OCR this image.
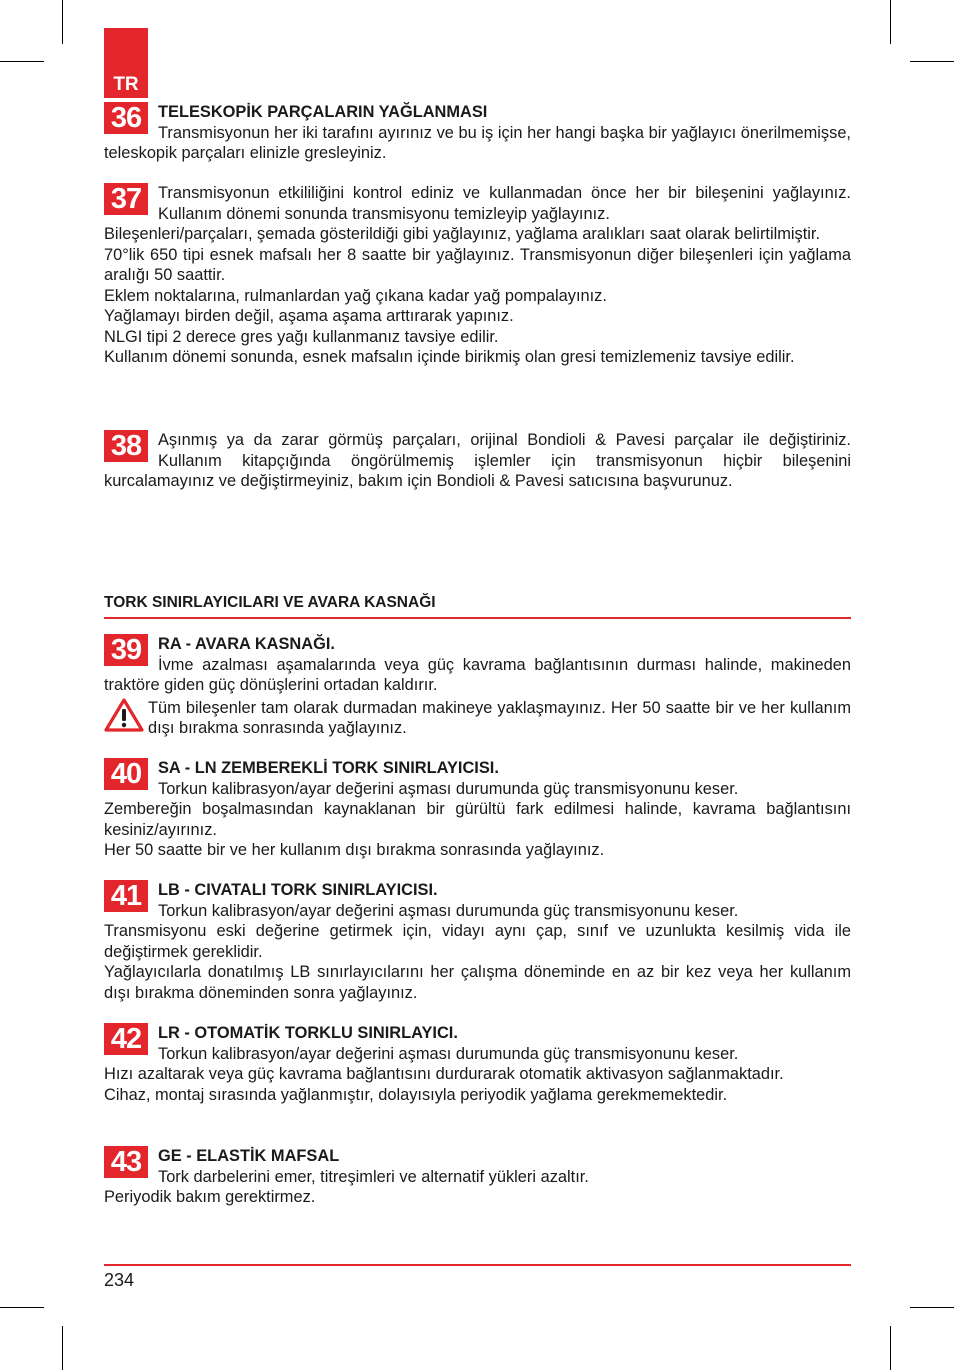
TR
36	TELESKOPİK PARÇALARIN YAĞLANMASI

Transmisyonun her iki tarafını ayırınız ve bu iş için her hangi başka bir yağlayıcı önerilmemişse, teleskopik parçaları elinizle gresleyiniz.

37	Transmisyonun etkililiğini kontrol ediniz ve kullanmadan önce her bir bileşenini yağlayınız. Kullanım dönemi sonunda transmisyonu temizleyip yağlayınız.

Bileşenleri/parçaları, şemada gösterildiği gibi yağlayınız, yağlama aralıkları saat olarak belirtilmiştir.

70°lik 650 tipi esnek mafsalı her 8 saatte bir yağlayınız. Transmisyonun diğer bileşenleri için yağlama aralığı 50 saattir.

Eklem noktalarına, rulmanlardan yağ çıkana kadar yağ pompalayınız.

Yağlamayı birden değil, aşama aşama arttırarak yapınız.

NLGI tipi 2 derece gres yağı kullanmanız tavsiye edilir.

Kullanım dönemi sonunda, esnek mafsalın içinde birikmiş olan gresi temizlemeniz tavsiye edilir.

38	Aşınmış ya da zarar görmüş parçaları, orijinal Bondioli & Pavesi parçalar ile değiştiriniz. Kullanım kitapçığında öngörülmemiş işlemler için transmisyonun hiçbir bileşenini kurcalamayınız ve değiştirmeyiniz, bakım için Bondioli & Pavesi satıcısına başvurunuz.

TORK SINIRLAYICILARI VE AVARA KASNAĞI
39	RA - AVARA KASNAĞI.

İvme azalması aşamalarında veya güç kavrama bağlantısının durması halinde, makineden traktöre giden güç dönüşlerini ortadan kaldırır.

Tüm bileşenler tam olarak durmadan makineye yaklaşmayınız. Her 50 saatte bir ve her kullanım dışı bırakma sonrasında yağlayınız.

40	SA - LN ZEMBEREKLİ TORK SINIRLAYICISI.

Torkun kalibrasyon/ayar değerini aşması durumunda güç transmisyonunu keser.

Zembereğin boşalmasından kaynaklanan bir gürültü fark edilmesi halinde, kavrama bağlantısını kesiniz/ayırınız.

Her 50 saatte bir ve her kullanım dışı bırakma sonrasında yağlayınız.

41	LB - CIVATALI TORK SINIRLAYICISI.

Torkun kalibrasyon/ayar değerini aşması durumunda güç transmisyonunu keser.

Transmisyonu eski değerine getirmek için, vidayı aynı çap, sınıf ve uzunlukta kesilmiş vida ile değiştirmek gereklidir.

Yağlayıcılarla donatılmış LB sınırlayıcılarını her çalışma döneminde en az bir kez veya her kullanım dışı bırakma döneminden sonra yağlayınız.

42	LR - OTOMATİK TORKLU SINIRLAYICI.

Torkun kalibrasyon/ayar değerini aşması durumunda güç transmisyonunu keser.

Hızı azaltarak veya güç kavrama bağlantısını durdurarak otomatik aktivasyon sağlanmaktadır.

Cihaz, montaj sırasında yağlanmıştır, dolayısıyla periyodik yağlama gerekmemektedir.

43	GE - ELASTİK MAFSAL

Tork darbelerini emer, titreşimleri ve alternatif yükleri azaltır.

Periyodik bakım gerektirmez.

234
